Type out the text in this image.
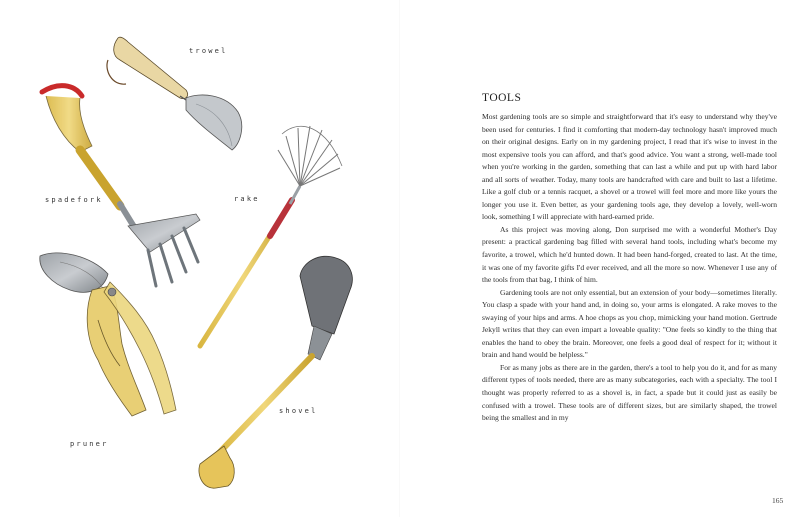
trowel
spadefork	rake
pruner
shovel
TOOLS

Most gardening tools are so simple and straightforward that it's easy to understand why they've been used for centuries. I find it comforting that modern-day technology hasn't improved much on their original designs. Early on in my gardening project, I read that it's wise to invest in the most expensive tools you can afford, and that's good advice. You want a strong, well-made tool when you're working in the garden, something that can last a while and put up with hard labor and all sorts of weather. Today, many tools are handcrafted with care and built to last a lifetime. Like a golf club or a tennis racquet, a shovel or a trowel will feel more and more like yours the longer you use it. Even better, as your gardening tools age, they develop a lovely, well-worn look, something I will appreciate with hard-earned pride.

As this project was moving along, Don surprised me with a wonderful Mother's Day present: a practical gardening bag filled with several hand tools, including what's become my favorite, a trowel, which he'd hunted down. It had been hand-forged, created to last. At the time, it was one of my favorite gifts I'd ever received, and all the more so now. Whenever I use any of the tools from that bag, I think of him.

Gardening tools are not only essential, but an extension of your body—sometimes literally. You clasp a spade with your hand and, in doing so, your arms is elongated. A rake moves to the swaying of your hips and arms. A hoe chops as you chop, mimicking your hand motion. Gertrude Jekyll writes that they can even impart a loveable quality: "One feels so kindly to the thing that enables the hand to obey the brain. Moreover, one feels a good deal of respect for it; without it brain and hand would be helpless."

For as many jobs as there are in the garden, there's a tool to help you do it, and for as many different types of tools needed, there are as many subcategories, each with a specialty. The tool I thought was properly referred to as a shovel is, in fact, a spade but it could just as easily be confused with a trowel. These tools are of different sizes, but are similarly shaped, the trowel being the smallest and in my

165
